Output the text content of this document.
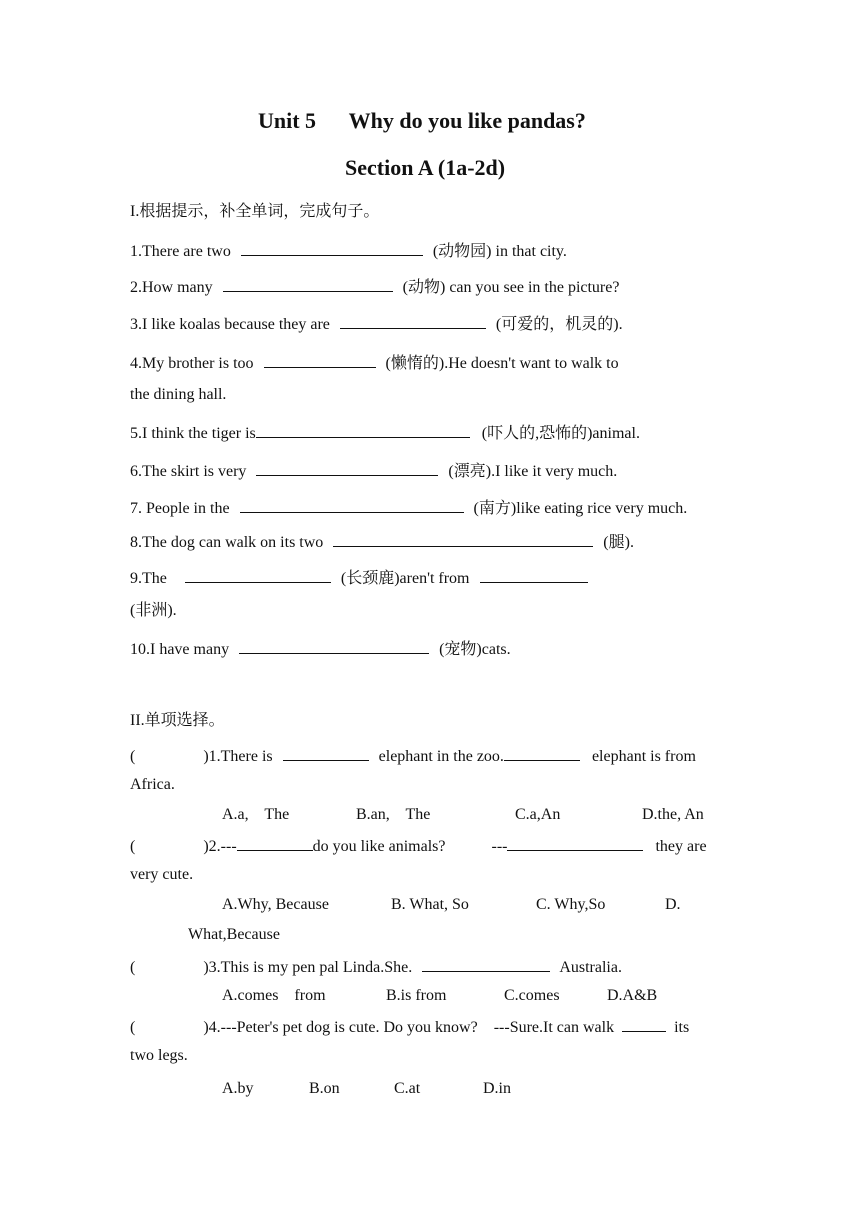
Unit 5      Why do you like pandas?
Section A (1a-2d)
I.根据提示，补全单词，完成句子。
1.There are two	(动物园) in that city.
2.How many	(动物) can you see in the picture?
3.I like koalas because they are	(可爱的，机灵的).
4.My brother is too	(懒惰的).He doesn't want to walk to
the dining hall.
5.I think the tiger is	(吓人的,恐怖的)animal.
6.The skirt is very	(漂亮).I like it very much.
7. People in the	(南方)like eating rice very much.
8.The dog can walk on its two	(腿).
9.The	(长颈鹿)aren't from
(非洲).
10.I have many	(宠物)cats.
II.单项选择。
(	)1.There is	elephant in the zoo.	elephant is from
Africa.
A.a,    The	B.an,    The	C.a,An	D.the, An
(	)2.---	do you like animals?	---	they are
very cute.
A.Why, Because	B. What, So	C. Why,So	D.
What,Because
(	)3.This is my pen pal Linda.She.	Australia.
A.comes    from	B.is from	C.comes	D.A&B
(	)4.---Peter's pet dog is cute. Do you know?    ---Sure.It can walk	its
two legs.
A.by	B.on	C.at	D.in
